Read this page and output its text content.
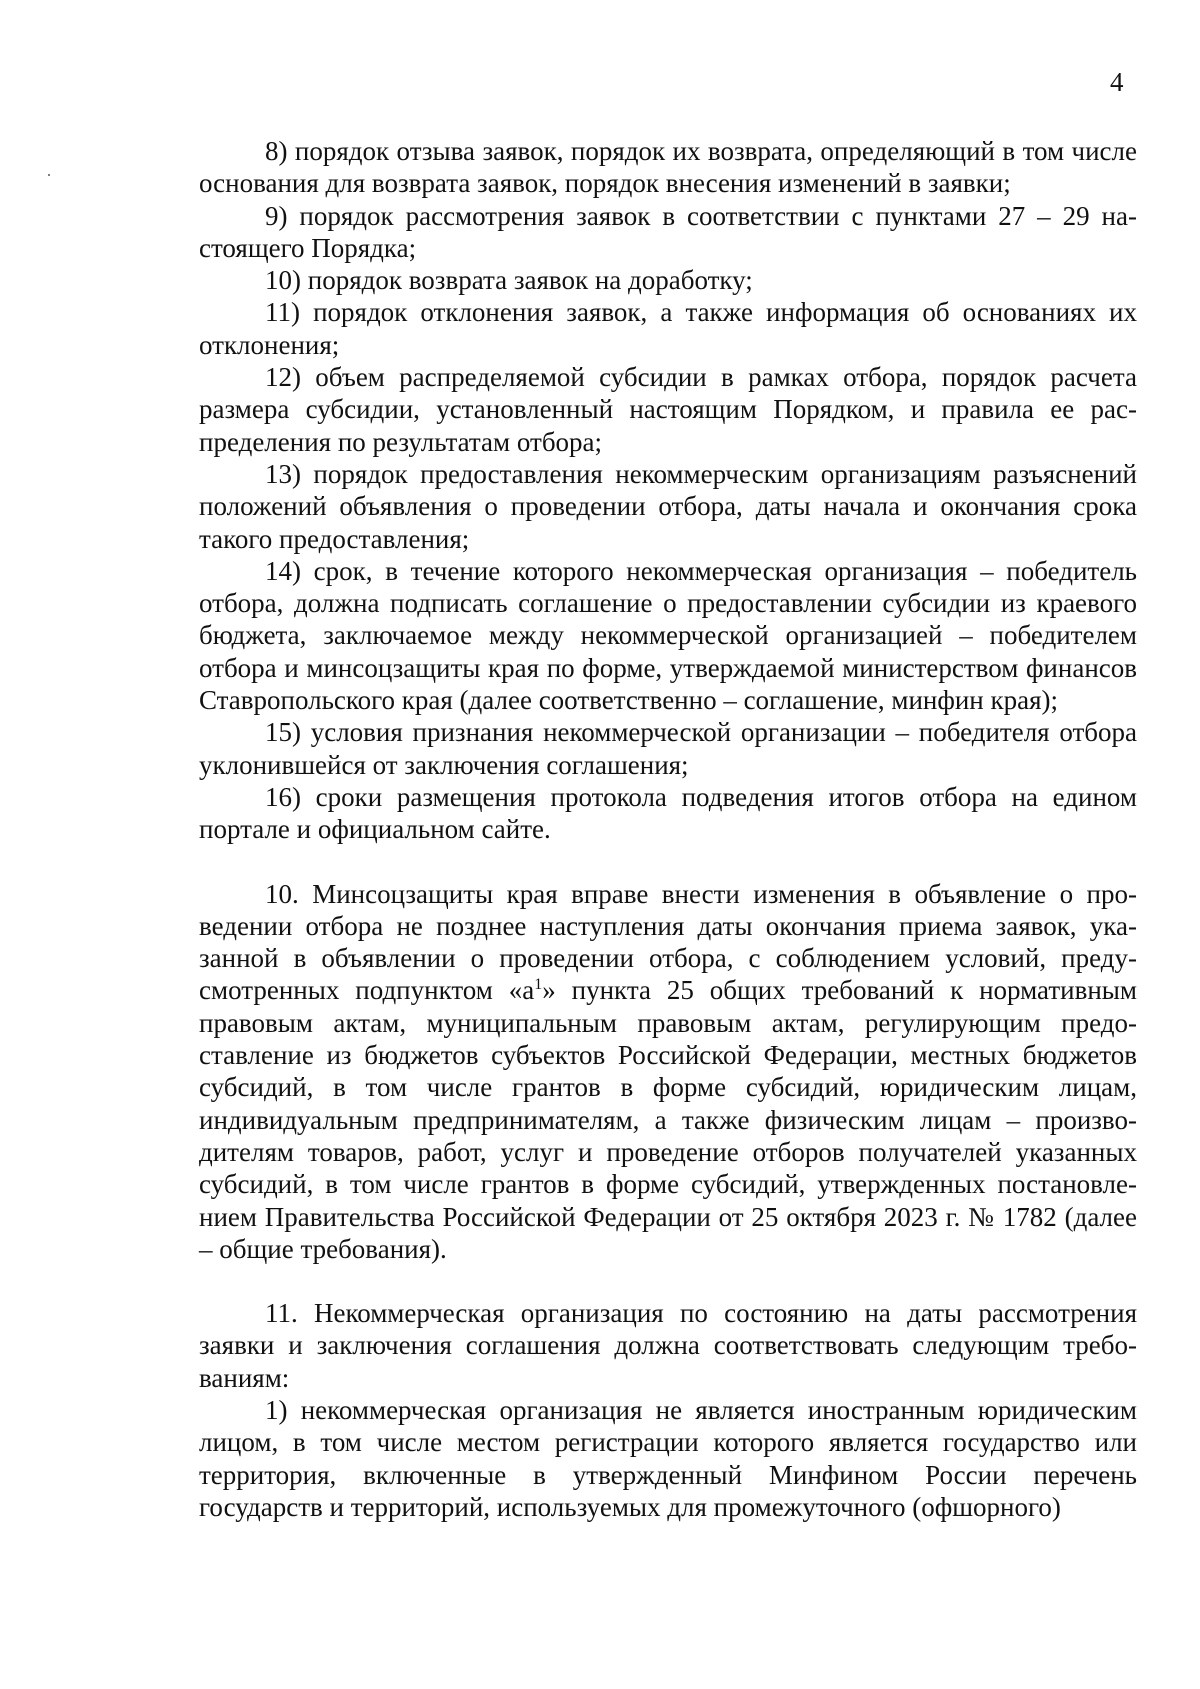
4

8) порядок отзыва заявок, порядок их возврата, определяющий в том числе основания для возврата заявок, порядок внесения изменений в заявки;

9) порядок рассмотрения заявок в соответствии с пунктами 27 – 29 настоящего Порядка;

10) порядок возврата заявок на доработку;

11) порядок отклонения заявок, а также информация об основаниях их отклонения;

12) объем распределяемой субсидии в рамках отбора, порядок расчета размера субсидии, установленный настоящим Порядком, и правила ее распределения по результатам отбора;

13) порядок предоставления некоммерческим организациям разъяснений положений объявления о проведении отбора, даты начала и окончания срока такого предоставления;

14) срок, в течение которого некоммерческая организация – победитель отбора, должна подписать соглашение о предоставлении субсидии из краевого бюджета, заключаемое между некоммерческой организацией – победителем отбора и минсоцзащиты края по форме, утверждаемой министерством финансов Ставропольского края (далее соответственно – соглашение, минфин края);

15) условия признания некоммерческой организации – победителя отбора уклонившейся от заключения соглашения;

16) сроки размещения протокола подведения итогов отбора на едином портале и официальном сайте.

10. Минсоцзащиты края вправе внести изменения в объявление о проведении отбора не позднее наступления даты окончания приема заявок, указанной в объявлении о проведении отбора, с соблюдением условий, предусмотренных подпунктом «$а^1$» пункта 25 общих требований к нормативным правовым актам, муниципальным правовым актам, регулирующим предоставление из бюджетов субъектов Российской Федерации, местных бюджетов субсидий, в том числе грантов в форме субсидий, юридическим лицам, индивидуальным предпринимателям, а также физическим лицам – производителям товаров, работ, услуг и проведение отборов получателей указанных субсидий, в том числе грантов в форме субсидий, утвержденных постановлением Правительства Российской Федерации от 25 октября 2023 г. № 1782 (далее – общие требования).

11. Некоммерческая организация по состоянию на даты рассмотрения заявки и заключения соглашения должна соответствовать следующим требованиям:

1) некоммерческая организация не является иностранным юридическим лицом, в том числе местом регистрации которого является государство или территория, включенные в утвержденный Минфином России перечень государств и территорий, используемых для промежуточного (офшорного)
